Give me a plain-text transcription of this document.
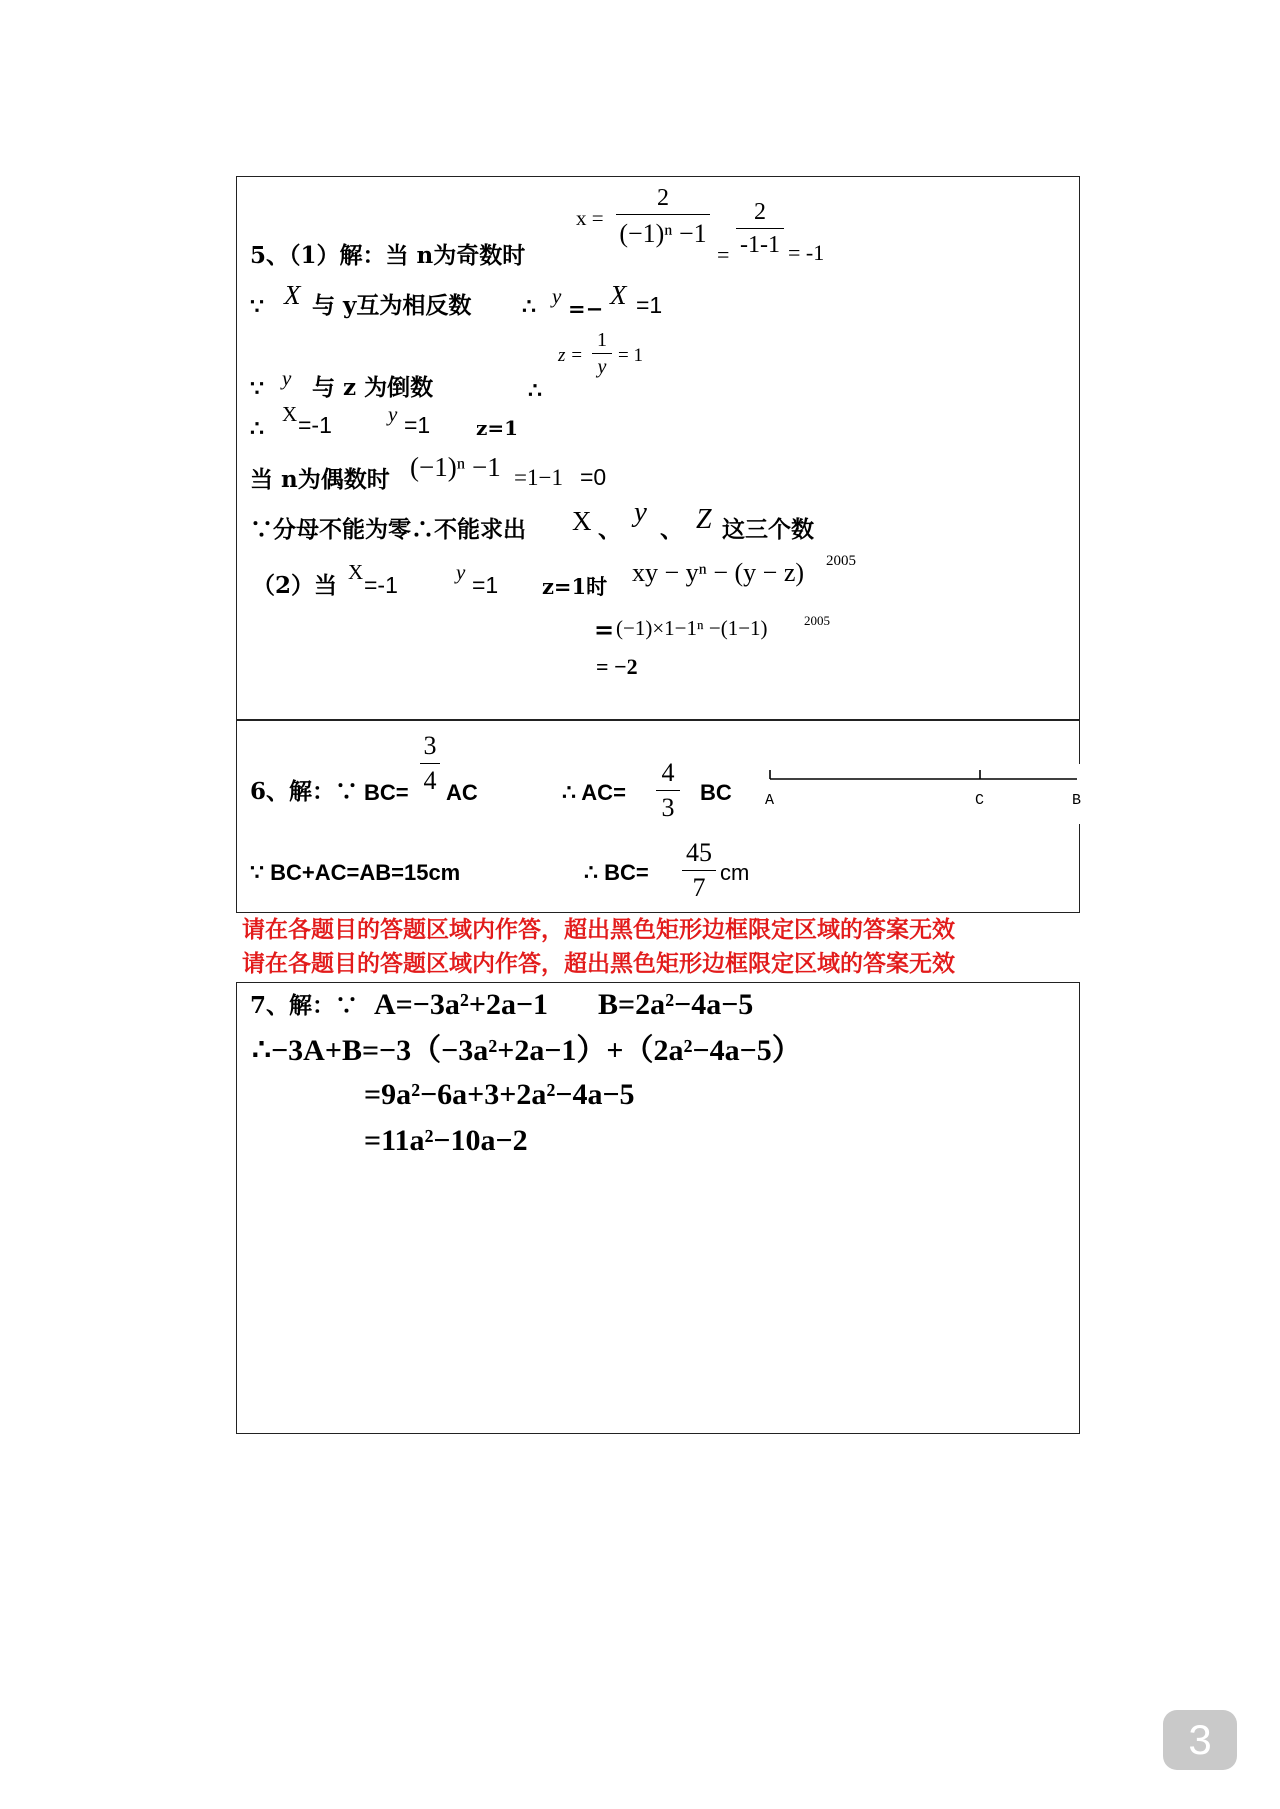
x =
2
(−1)ⁿ −1
2
-1-1
=	= -1
5、（1）解：当 n为奇数时
∵ X 与 y互为相反数 ∴ y =− X =1
z =
1
y
= 1
∵ y 与 z 为倒数	∴
∴
X =-1	y =1 z=1
当 n为偶数时 (−1)ⁿ −1 =1−1 =0
∵分母不能为零∴不能求出 X 、
y
、 Z 这三个数
（2）当 X =-1	y =1 z=1时 xy − yⁿ − (y − z) 2005
= (−1)×1−1ⁿ −(1−1)	2005
= −2
6、解：∵ BC=
3
4 AC	∴ AC=
4
3
BC A	C	B
∵ BC+AC=AB=15cm	∴ BC=
45
7
cm
请在各题目的答题区域内作答，超出黑色矩形边框限定区域的答案无效
请在各题目的答题区域内作答，超出黑色矩形边框限定区域的答案无效
7、解：∵ A=−3a²+2a−1 B=2a²−4a−5
∴−3A+B=−3（−3a²+2a−1）+（2a²−4a−5）
=9a²−6a+3+2a²−4a−5
=11a²−10a−2
3
